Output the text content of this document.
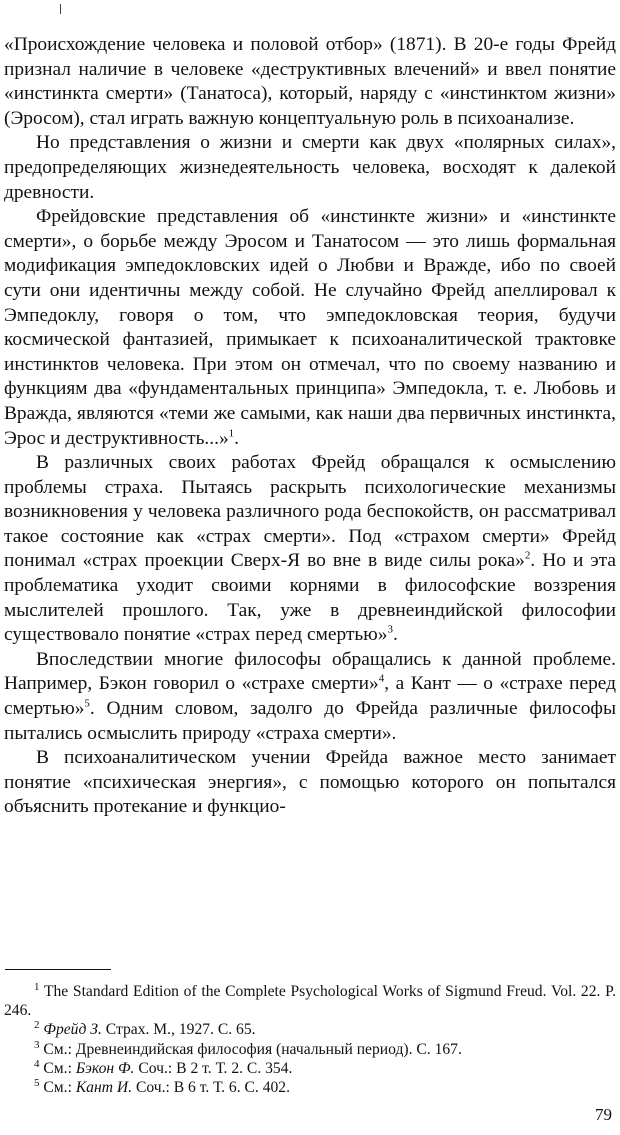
«Происхождение человека и половой отбор» (1871). В 20-е годы Фрейд признал наличие в человеке «деструктивных влечений» и ввел понятие «инстинкта смерти» (Танатоса), который, наряду с «инстинктом жизни» (Эросом), стал играть важную концептуальную роль в психоанализе.

Но представления о жизни и смерти как двух «полярных силах», предопределяющих жизнедеятельность человека, восходят к далекой древности.

Фрейдовские представления об «инстинкте жизни» и «инстинкте смерти», о борьбе между Эросом и Танатосом — это лишь формальная модификация эмпедокловских идей о Любви и Вражде, ибо по своей сути они идентичны между собой. Не случайно Фрейд апеллировал к Эмпедоклу, говоря о том, что эмпедокловская теория, будучи космической фантазией, примыкает к психоаналитической трактовке инстинктов человека. При этом он отмечал, что по своему названию и функциям два «фундаментальных принципа» Эмпедокла, т. е. Любовь и Вражда, являются «теми же самыми, как наши два первичных инстинкта, Эрос и деструктивность...»$^1$.

В различных своих работах Фрейд обращался к осмыслению проблемы страха. Пытаясь раскрыть психологические механизмы возникновения у человека различного рода беспокойств, он рассматривал такое состояние как «страх смерти». Под «страхом смерти» Фрейд понимал «страх проекции Сверх-Я во вне в виде силы рока»$^2$. Но и эта проблематика уходит своими корнями в философские воззрения мыслителей прошлого. Так, уже в древнеиндийской философии существовало понятие «страх перед смертью»$^3$.

Впоследствии многие философы обращались к данной проблеме. Например, Бэкон говорил о «страхе смерти»$^4$, а Кант — о «страхе перед смертью»$^5$. Одним словом, задолго до Фрейда различные философы пытались осмыслить природу «страха смерти».

В психоаналитическом учении Фрейда важное место занимает понятие «психическая энергия», с помощью которого он попытался объяснить протекание и функцио-

$^1$ The Standard Edition of the Complete Psychological Works of Sigmund Freud. Vol. 22. P. 246.

$^2$ Фрейд З. Страх. М., 1927. С. 65.

$^3$ См.: Древнеиндийская философия (начальный период). С. 167.

$^4$ См.: Бэкон Ф. Соч.: В 2 т. Т. 2. С. 354.

$^5$ См.: Кант И. Соч.: В 6 т. Т. 6. С. 402.

79
